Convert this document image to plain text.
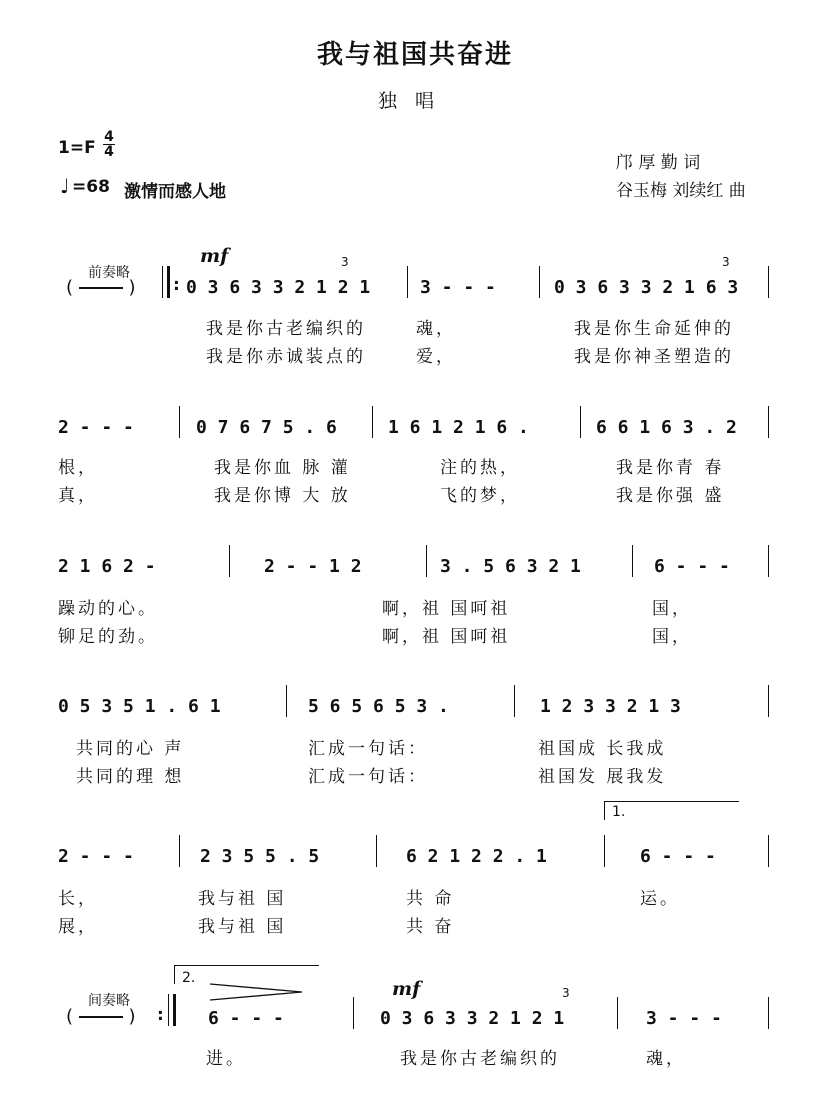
我与祖国共奋进
独唱
1=F
4
4
♩ =68 激情而感人地
邝 厚 勤 词
谷玉梅 刘续红 曲
前奏略
(  ) :
mf
0 3 6 3 3 2 1 2 1
3
3 - - -	0 3 6 3 3 2 1 6 3
3
我是你古老编织的	魂，	我是你生命延伸的
我是你赤诚装点的	爱，	我是你神圣塑造的
2 - - -	0 7 6 7 5 . 6	1 6 1 2 1 6 .	6 6 1 6 3 . 2
根，	我是你血 脉 灌	注的热，	我是你青 春
真，	我是你博 大 放	飞的梦，	我是你强 盛
2 1 6 2 -	2 - - 1 2	3 . 5 6 3 2 1	6 - - -
躁动的心。	啊，祖 国呵祖	国，
铆足的劲。	啊，祖 国呵祖	国，
0 5 3 5 1 . 6 1	5 6 5 6 5 3 .	1 2 3 3 2 1 3
共同的心 声	汇成一句话：	祖国成 长我成
共同的理 想	汇成一句话：	祖国发 展我发
1.
2 - - -	2 3 5 5 . 5	6 2 1 2 2 . 1	6 - - -
长，	我与祖 国	共 命	运。
展，	我与祖 国	共 奋
2.
间奏略
(  ) : 6 - - -
mf
0 3 6 3 3 2 1 2 1
3
3 - - -
进。	我是你古老编织的	魂，
